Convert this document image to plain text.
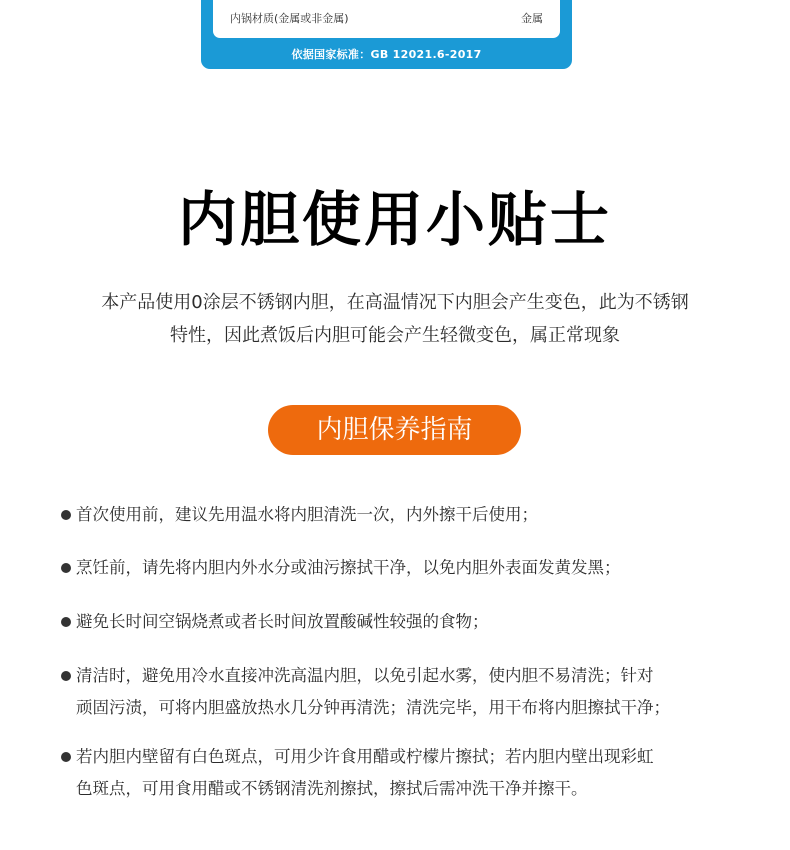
内锅材质(金属或非金属)	金属
依据国家标准：GB 12021.6-2017
内胆使用小贴士
本产品使用0涂层不锈钢内胆，在高温情况下内胆会产生变色，此为不锈钢
特性，因此煮饭后内胆可能会产生轻微变色，属正常现象
内胆保养指南
首次使用前，建议先用温水将内胆清洗一次，内外擦干后使用；
烹饪前，请先将内胆内外水分或油污擦拭干净，以免内胆外表面发黄发黑；
避免长时间空锅烧煮或者长时间放置酸碱性较强的食物；
清洁时，避免用冷水直接冲洗高温内胆，以免引起水雾，使内胆不易清洗；针对
顽固污渍，可将内胆盛放热水几分钟再清洗；清洗完毕，用干布将内胆擦拭干净；
若内胆内壁留有白色斑点，可用少许食用醋或柠檬片擦拭；若内胆内壁出现彩虹
色斑点，可用食用醋或不锈钢清洗剂擦拭，擦拭后需冲洗干净并擦干。
